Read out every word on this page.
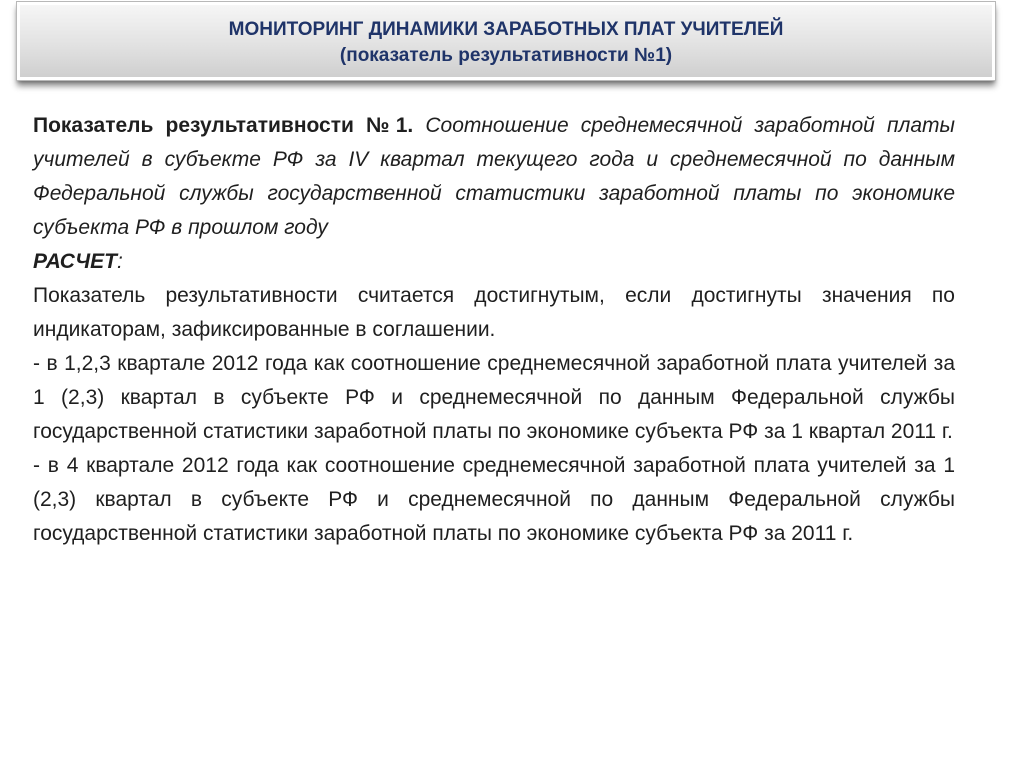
МОНИТОРИНГ ДИНАМИКИ ЗАРАБОТНЫХ ПЛАТ УЧИТЕЛЕЙ
(показатель результативности №1)

Показатель результативности №1. Соотношение среднемесячной заработной платы учителей в субъекте РФ за IV квартал текущего года и среднемесячной по данным Федеральной службы государственной статистики заработной платы по экономике субъекта РФ в прошлом году

РАСЧЕТ:

Показатель результативности считается достигнутым, если достигнуты значения по индикаторам, зафиксированные в соглашении.

- в 1,2,3 квартале 2012 года как соотношение среднемесячной заработной плата учителей за 1 (2,3) квартал в субъекте РФ и среднемесячной по данным Федеральной службы государственной статистики заработной платы по экономике субъекта РФ за 1 квартал 2011 г.

- в 4 квартале 2012 года как соотношение среднемесячной заработной плата учителей за 1 (2,3) квартал в субъекте РФ и среднемесячной по данным Федеральной службы государственной статистики заработной платы по экономике субъекта РФ за 2011 г.
